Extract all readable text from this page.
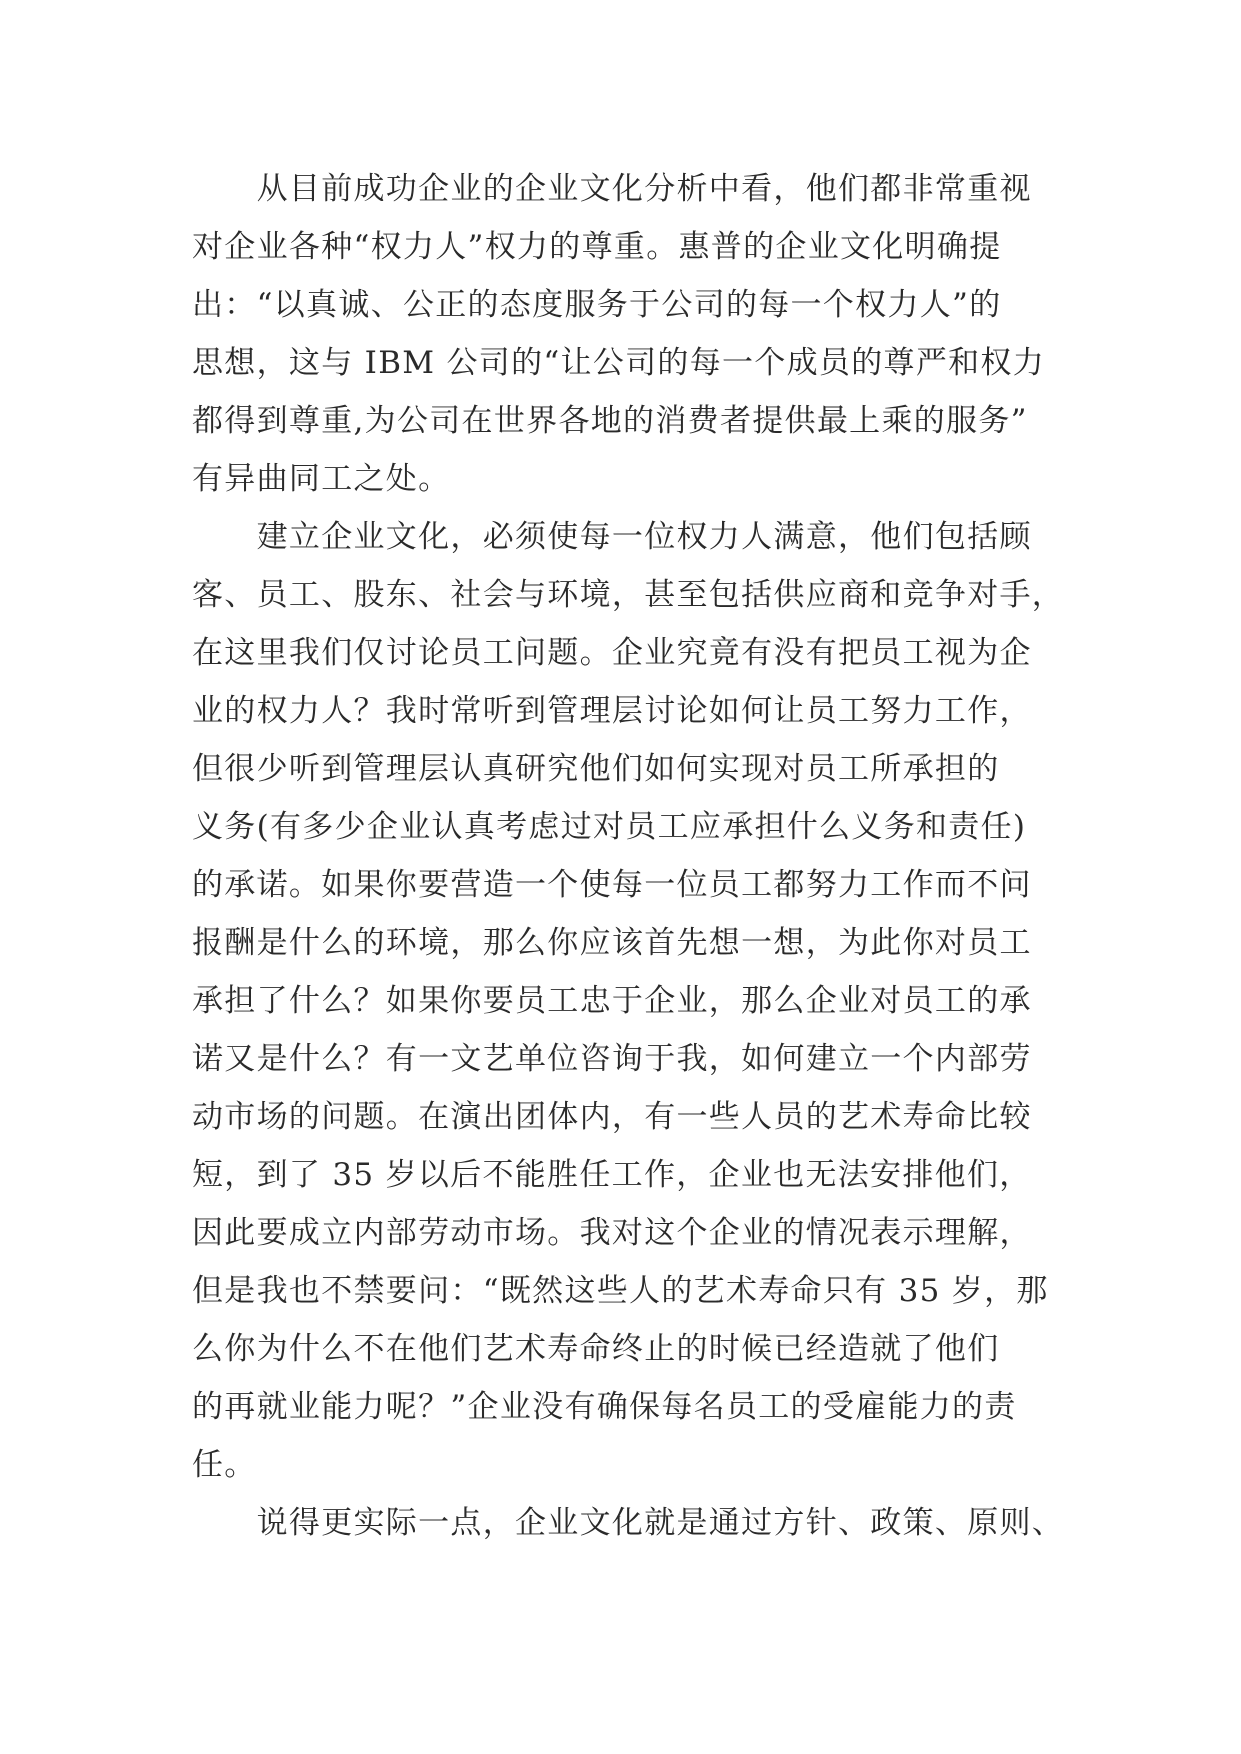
　　从目前成功企业的企业文化分析中看，他们都非常重视
对企业各种“权力人”权力的尊重。惠普的企业文化明确提
出：“以真诚、公正的态度服务于公司的每一个权力人”的
思想，这与 IBM 公司的“让公司的每一个成员的尊严和权力
都得到尊重,为公司在世界各地的消费者提供最上乘的服务”
有异曲同工之处。
　　建立企业文化，必须使每一位权力人满意，他们包括顾
客、员工、股东、社会与环境，甚至包括供应商和竞争对手，
在这里我们仅讨论员工问题。企业究竟有没有把员工视为企
业的权力人？我时常听到管理层讨论如何让员工努力工作，
但很少听到管理层认真研究他们如何实现对员工所承担的
义务(有多少企业认真考虑过对员工应承担什么义务和责任)
的承诺。如果你要营造一个使每一位员工都努力工作而不问
报酬是什么的环境，那么你应该首先想一想，为此你对员工
承担了什么？如果你要员工忠于企业，那么企业对员工的承
诺又是什么？有一文艺单位咨询于我，如何建立一个内部劳
动市场的问题。在演出团体内，有一些人员的艺术寿命比较
短，到了 35 岁以后不能胜任工作，企业也无法安排他们，
因此要成立内部劳动市场。我对这个企业的情况表示理解，
但是我也不禁要问：“既然这些人的艺术寿命只有 35 岁，那
么你为什么不在他们艺术寿命终止的时候已经造就了他们
的再就业能力呢？”企业没有确保每名员工的受雇能力的责
任。
　　说得更实际一点，企业文化就是通过方针、政策、原则、
